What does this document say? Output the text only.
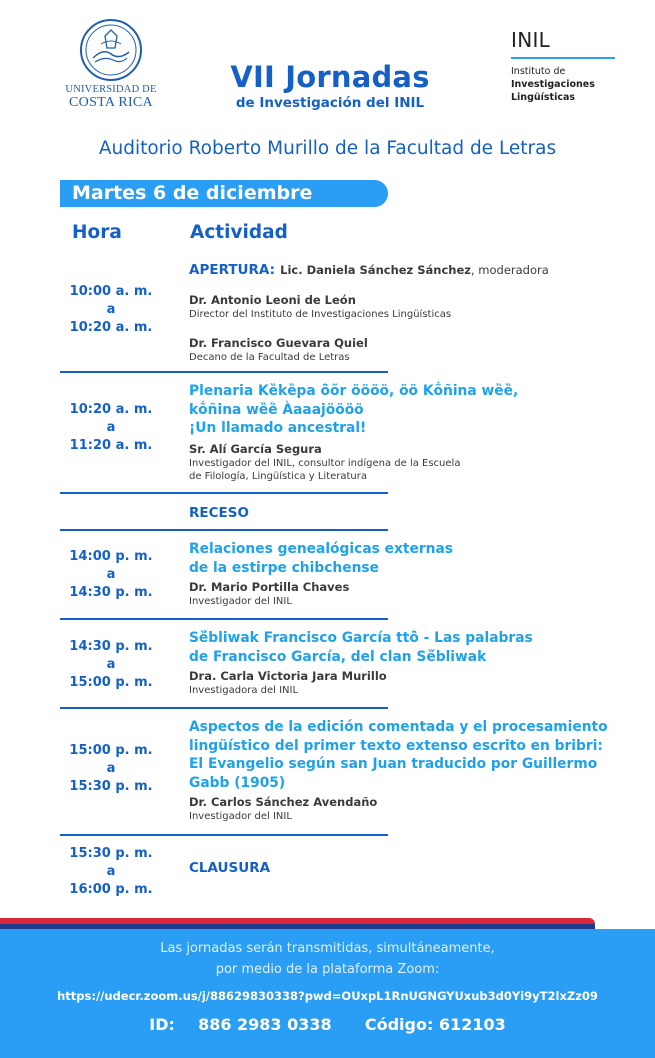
UNIVERSIDAD DE
COSTA RICA
VII Jornadas
de Investigación del INIL
INIL
Instituto de
Investigaciones
Lingüísticas
Auditorio Roberto Murillo de la Facultad de Letras
Martes 6 de diciembre
Hora	Actividad
10:00 a. m.
a
10:20 a. m.
APERTURA: Lic. Daniela Sánchez Sánchez, moderadora
Dr. Antonio Leoni de León
Director del Instituto de Investigaciones Lingüísticas
Dr. Francisco Guevara Quiel
Decano de la Facultad de Letras
10:20 a. m.
a
11:20 a. m.
Plenaria Kȅkȅpa ö̀õr öööö, öö Kṍñina wȅȅ,
kṍñina wȅȅ Àaaajöööö
¡Un llamado ancestral!
Sr. Alí García Segura
Investigador del INIL, consultor indígena de la Escuela
de Filología, Lingüística y Literatura
RECESO
14:00 p. m.
a
14:30 p. m.
Relaciones genealógicas externas
de la estirpe chibchense
Dr. Mario Portilla Chaves
Investigador del INIL
14:30 p. m.
a
15:00 p. m.
Sȅ́bliwak Francisco García ttö̀ - Las palabras
de Francisco García, del clan Sȅ́bliwak
Dra. Carla Victoria Jara Murillo
Investigadora del INIL
15:00 p. m.
a
15:30 p. m.
Aspectos de la edición comentada y el procesamiento
lingüístico del primer texto extenso escrito en bribri:
El Evangelio según san Juan traducido por Guillermo
Gabb (1905)
Dr. Carlos Sánchez Avendaño
Investigador del INIL
15:30 p. m.
a
16:00 p. m.
CLAUSURA
Las jornadas serán transmitidas, simultáneamente,
por medio de la plataforma Zoom:
https://udecr.zoom.us/j/88629830338?pwd=OUxpL1RnUGNGYUxub3d0Yi9yT2lxZz09
ID: 886 2983 0338 Código: 612103
